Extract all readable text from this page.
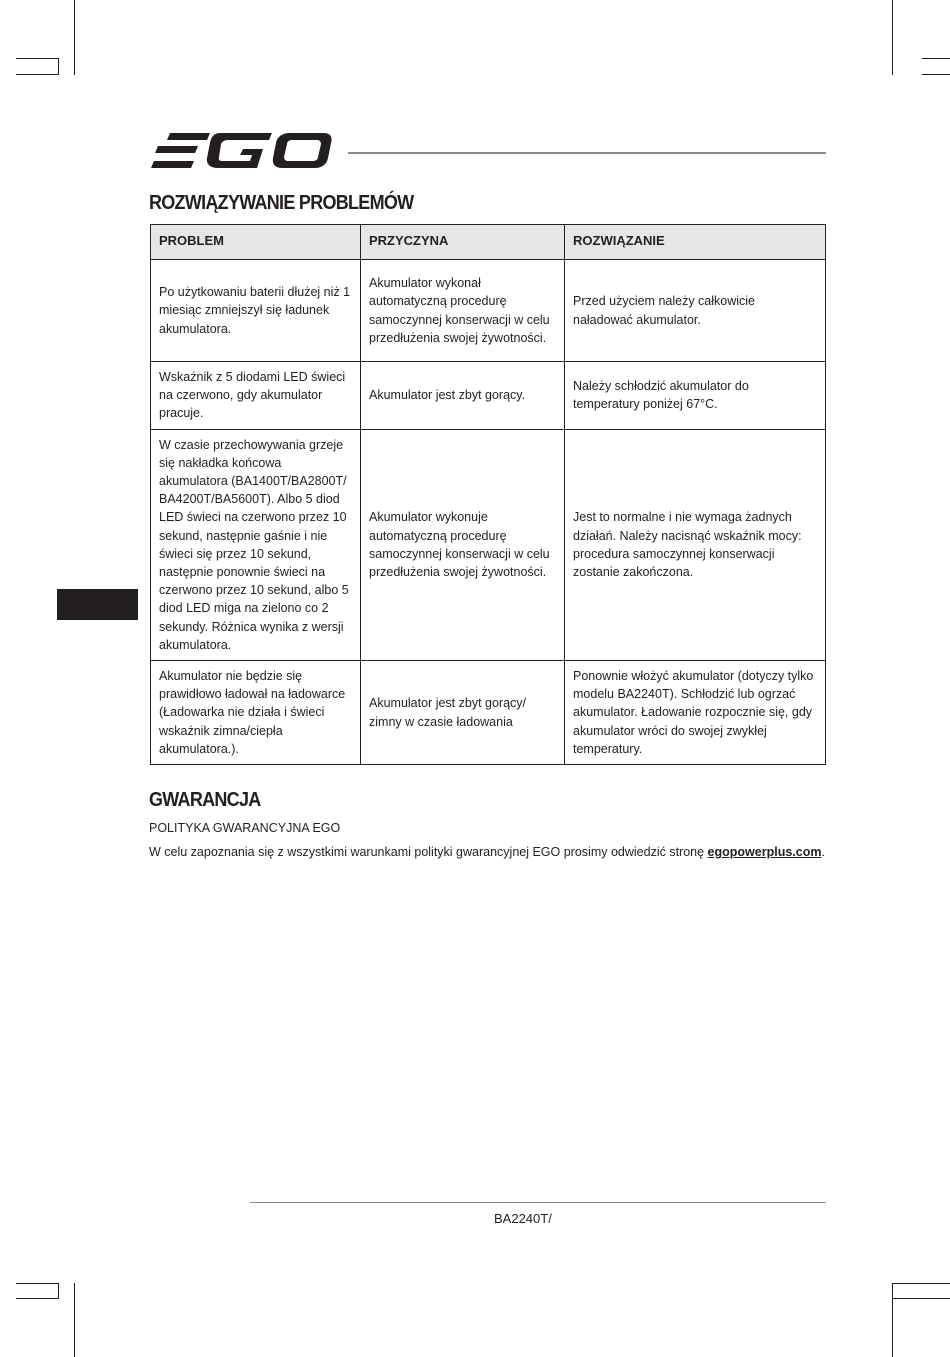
ROZWIĄZYWANIE PROBLEMÓW
PROBLEM	PRZYCZYNA	ROZWIĄZANIE
Po użytkowaniu baterii dłużej niż 1 miesiąc zmniejszył się ładunek akumulatora.	Akumulator wykonał automatyczną procedurę samoczynnej konserwacji w celu przedłużenia swojej żywotności.	Przed użyciem należy całkowicie naładować akumulator.
Wskaźnik z 5 diodami LED świeci na czerwono, gdy akumulator pracuje.	Akumulator jest zbyt gorący.	Należy schłodzić akumulator do temperatury poniżej 67°C.
W czasie przechowywania grzeje się nakładka końcowa akumulatora (BA1400T/BA2800T/ BA4200T/BA5600T). Albo 5 diod LED świeci na czerwono przez 10 sekund, następnie gaśnie i nie świeci się przez 10 sekund, następnie ponownie świeci na czerwono przez 10 sekund, albo 5 diod LED miga na zielono co 2 sekundy. Różnica wynika z wersji akumulatora.	Akumulator wykonuje automatyczną procedurę samoczynnej konserwacji w celu przedłużenia swojej żywotności.	Jest to normalne i nie wymaga żadnych działań. Należy nacisnąć wskaźnik mocy: procedura samoczynnej konserwacji zostanie zakończona.
Akumulator nie będzie się prawidłowo ładował na ładowarce (Ładowarka nie działa i świeci wskaźnik zimna/ciepła akumulatora.).	Akumulator jest zbyt gorący/ zimny w czasie ładowania	Ponownie włożyć akumulator (dotyczy tylko modelu BA2240T). Schłodzić lub ogrzać akumulator. Ładowanie rozpocznie się, gdy akumulator wróci do swojej zwykłej temperatury.
GWARANCJA

POLITYKA GWARANCYJNA EGO

W celu zapoznania się z wszystkimi warunkami polityki gwarancyjnej EGO prosimy odwiedzić stronę egopowerplus.com.

BA2240T/
